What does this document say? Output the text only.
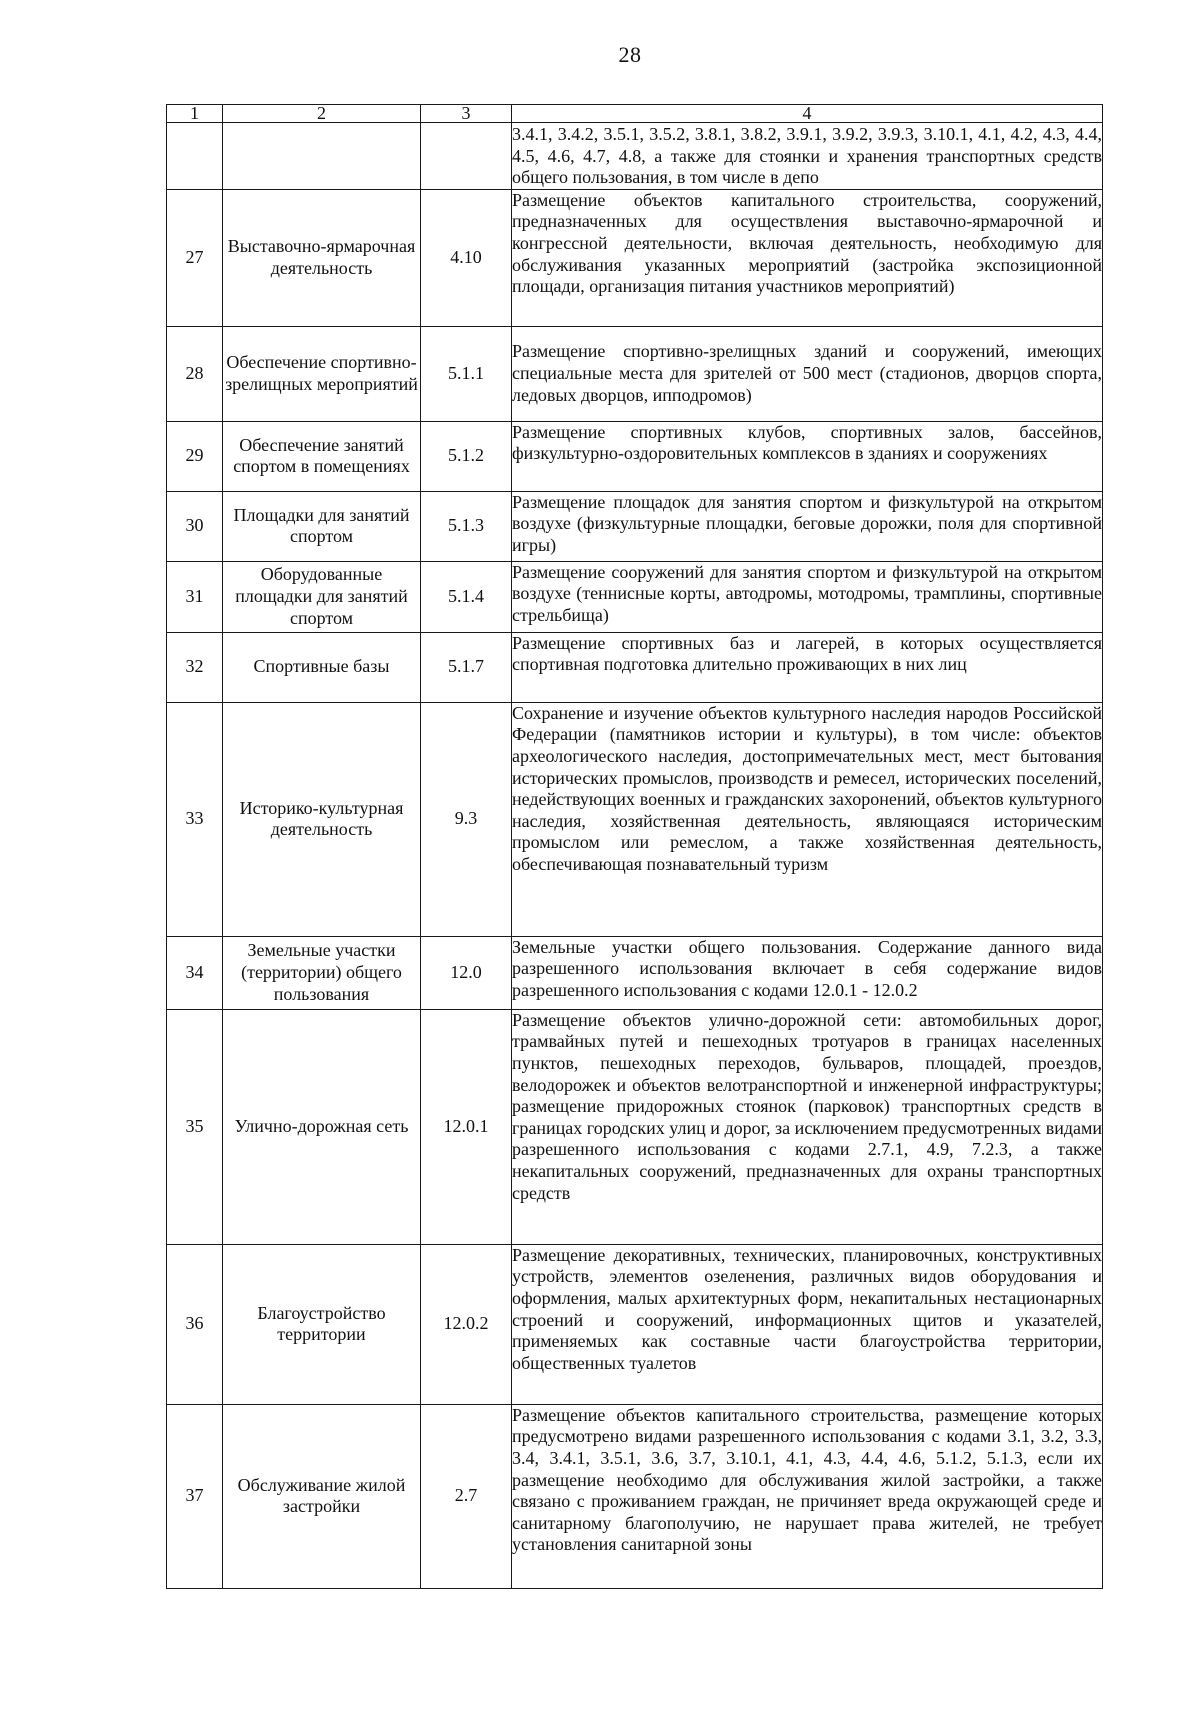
28
1	2	3	4
			3.4.1, 3.4.2, 3.5.1, 3.5.2, 3.8.1, 3.8.2, 3.9.1, 3.9.2, 3.9.3, 3.10.1, 4.1, 4.2, 4.3, 4.4, 4.5, 4.6, 4.7, 4.8, а также для стоянки и хранения транспортных средств общего пользования, в том числе в депо
27	Выставочно-ярмарочная деятельность	4.10	Размещение объектов капитального строительства, сооружений, предназначенных для осуществления выставочно-ярмарочной и конгрессной деятельности, включая деятельность, необходимую для обслуживания указанных мероприятий (застройка экспозиционной площади, организация питания участников мероприятий)
28	Обеспечение спортивно-зрелищных мероприятий	5.1.1	Размещение спортивно-зрелищных зданий и сооружений, имеющих специальные места для зрителей от 500 мест (стадионов, дворцов спорта, ледовых дворцов, ипподромов)
29	Обеспечение занятий спортом в помещениях	5.1.2	Размещение спортивных клубов, спортивных залов, бассейнов, физкультурно-оздоровительных комплексов в зданиях и сооружениях
30	Площадки для занятий спортом	5.1.3	Размещение площадок для занятия спортом и физкультурой на открытом воздухе (физкультурные площадки, беговые дорожки, поля для спортивной игры)
31	Оборудованные площадки для занятий спортом	5.1.4	Размещение сооружений для занятия спортом и физкультурой на открытом воздухе (теннисные корты, автодромы, мотодромы, трамплины, спортивные стрельбища)
32	Спортивные базы	5.1.7	Размещение спортивных баз и лагерей, в которых осуществляется спортивная подготовка длительно проживающих в них лиц
33	Историко-культурная деятельность	9.3	Сохранение и изучение объектов культурного наследия народов Российской Федерации (памятников истории и культуры), в том числе: объектов археологического наследия, достопримечательных мест, мест бытования исторических промыслов, производств и ремесел, исторических поселений, недействующих военных и гражданских захоронений, объектов культурного наследия, хозяйственная деятельность, являющаяся историческим промыслом или ремеслом, а также хозяйственная деятельность, обеспечивающая познавательный туризм
34	Земельные участки (территории) общего пользования	12.0	Земельные участки общего пользования. Содержание данного вида разрешенного использования включает в себя содержание видов разрешенного использования с кодами 12.0.1 - 12.0.2
35	Улично-дорожная сеть	12.0.1	Размещение объектов улично-дорожной сети: автомобильных дорог, трамвайных путей и пешеходных тротуаров в границах населенных пунктов, пешеходных переходов, бульваров, площадей, проездов, велодорожек и объектов велотранспортной и инженерной инфраструктуры; размещение придорожных стоянок (парковок) транспортных средств в границах городских улиц и дорог, за исключением предусмотренных видами разрешенного использования с кодами 2.7.1, 4.9, 7.2.3, а также некапитальных сооружений, предназначенных для охраны транспортных средств
36	Благоустройство территории	12.0.2	Размещение декоративных, технических, планировочных, конструктивных устройств, элементов озеленения, различных видов оборудования и оформления, малых архитектурных форм, некапитальных нестационарных строений и сооружений, информационных щитов и указателей, применяемых как составные части благоустройства территории, общественных туалетов
37	Обслуживание жилой застройки	2.7	Размещение объектов капитального строительства, размещение которых предусмотрено видами разрешенного использования с кодами 3.1, 3.2, 3.3, 3.4, 3.4.1, 3.5.1, 3.6, 3.7, 3.10.1, 4.1, 4.3, 4.4, 4.6, 5.1.2, 5.1.3, если их размещение необходимо для обслуживания жилой застройки, а также связано с проживанием граждан, не причиняет вреда окружающей среде и санитарному благополучию, не нарушает права жителей, не требует установления санитарной зоны
